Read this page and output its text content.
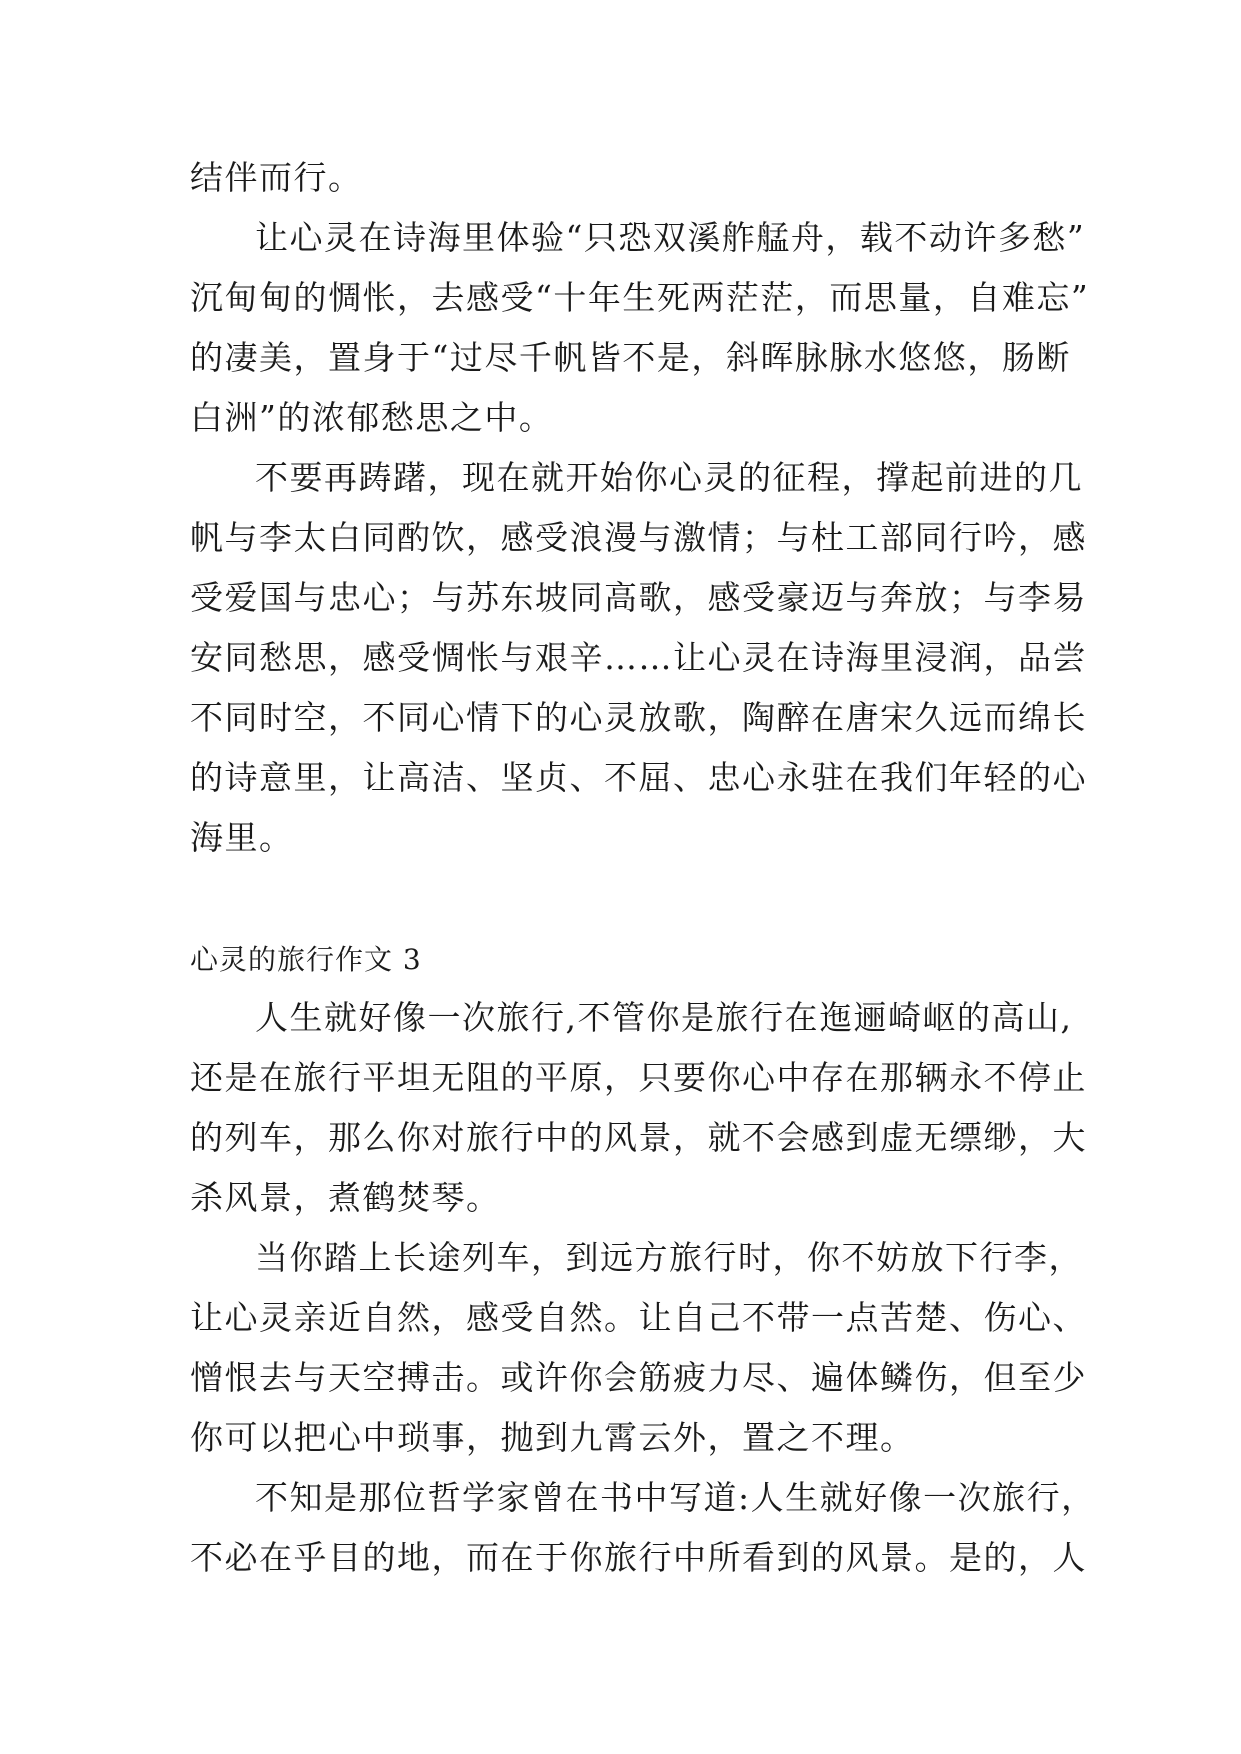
结伴而行。
让心灵在诗海里体验“只恐双溪舴艋舟，载不动许多愁”
沉甸甸的惆怅，去感受“十年生死两茫茫，而思量，自难忘”
的凄美，置身于“过尽千帆皆不是，斜晖脉脉水悠悠，肠断
白洲”的浓郁愁思之中。
不要再踌躇，现在就开始你心灵的征程，撑起前进的几
帆与李太白同酌饮，感受浪漫与激情；与杜工部同行吟，感
受爱国与忠心；与苏东坡同高歌，感受豪迈与奔放；与李易
安同愁思，感受惆怅与艰辛……让心灵在诗海里浸润，品尝
不同时空，不同心情下的心灵放歌，陶醉在唐宋久远而绵长
的诗意里，让高洁、坚贞、不屈、忠心永驻在我们年轻的心
海里。
心灵的旅行作文 3
人生就好像一次旅行,不管你是旅行在迤逦崎岖的高山,
还是在旅行平坦无阻的平原，只要你心中存在那辆永不停止
的列车，那么你对旅行中的风景，就不会感到虚无缥缈，大
杀风景，煮鹤焚琴。
当你踏上长途列车，到远方旅行时，你不妨放下行李，
让心灵亲近自然，感受自然。让自己不带一点苦楚、伤心、
憎恨去与天空搏击。或许你会筋疲力尽、遍体鳞伤，但至少
你可以把心中琐事，抛到九霄云外，置之不理。
不知是那位哲学家曾在书中写道:人生就好像一次旅行，
不必在乎目的地，而在于你旅行中所看到的风景。是的，人
